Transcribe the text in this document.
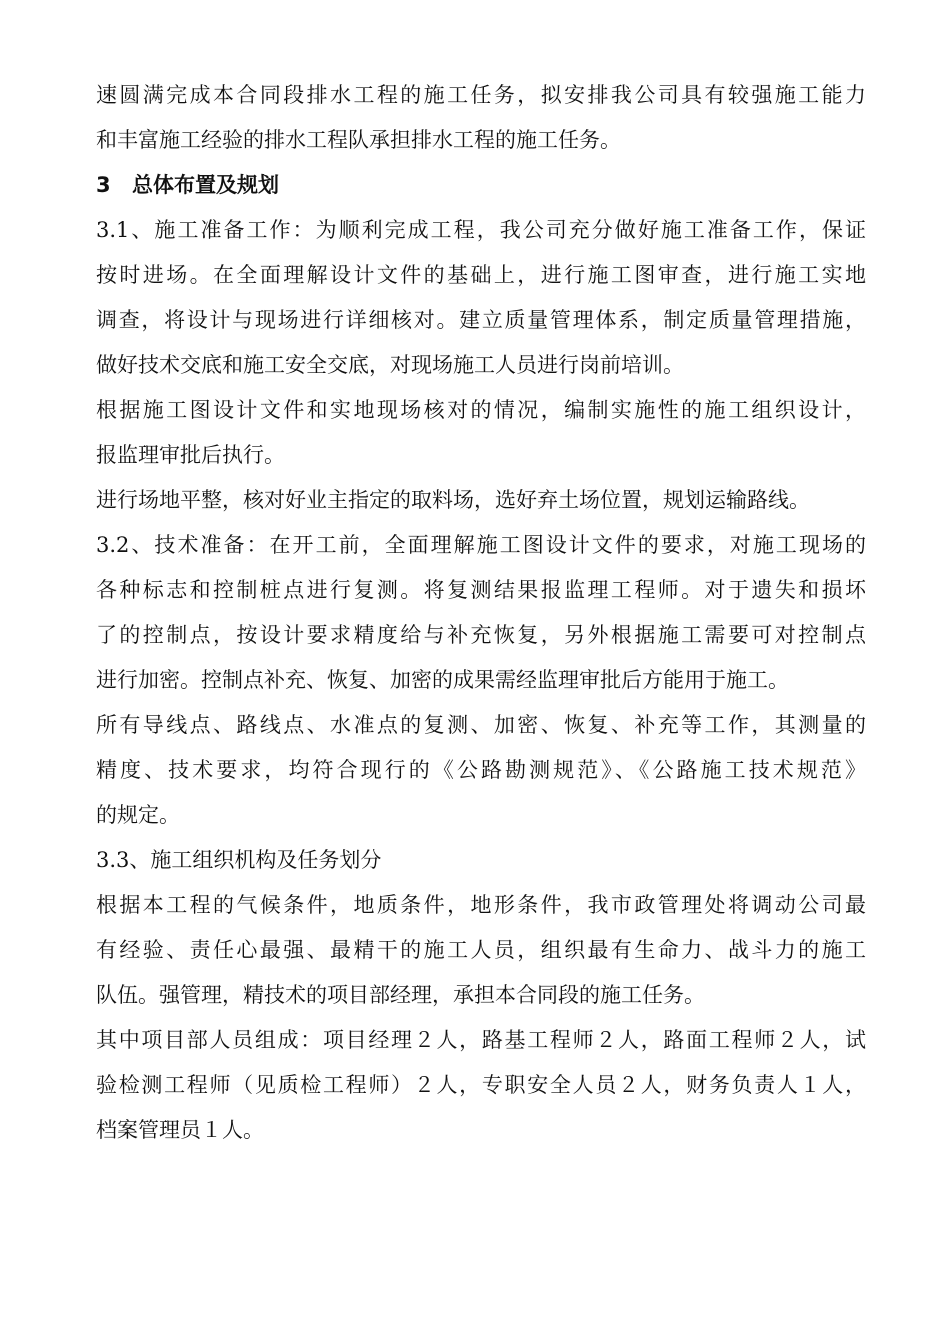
速圆满完成本合同段排水工程的施工任务，拟安排我公司具有较强施工能力
和丰富施工经验的排水工程队承担排水工程的施工任务。
3	总体布置及规划
3.1、施工准备工作：为顺利完成工程，我公司充分做好施工准备工作，保证
按时进场。在全面理解设计文件的基础上，进行施工图审查，进行施工实地
调查，将设计与现场进行详细核对。建立质量管理体系，制定质量管理措施，
做好技术交底和施工安全交底，对现场施工人员进行岗前培训。
根据施工图设计文件和实地现场核对的情况，编制实施性的施工组织设计，
报监理审批后执行。
进行场地平整，核对好业主指定的取料场，选好弃土场位置，规划运输路线。
3.2、技术准备：在开工前，全面理解施工图设计文件的要求，对施工现场的
各种标志和控制桩点进行复测。将复测结果报监理工程师。对于遗失和损坏
了的控制点，按设计要求精度给与补充恢复，另外根据施工需要可对控制点
进行加密。控制点补充、恢复、加密的成果需经监理审批后方能用于施工。
所有导线点、路线点、水准点的复测、加密、恢复、补充等工作，其测量的
精度、技术要求，均符合现行的《公路勘测规范》、《公路施工技术规范》
的规定。
3.3、施工组织机构及任务划分
根据本工程的气候条件，地质条件，地形条件，我市政管理处将调动公司最
有经验、责任心最强、最精干的施工人员，组织最有生命力、战斗力的施工
队伍。强管理，精技术的项目部经理，承担本合同段的施工任务。
其中项目部人员组成：项目经理２人，路基工程师２人，路面工程师２人，试
验检测工程师（见质检工程师）２人，专职安全人员２人，财务负责人１人，
档案管理员１人。
